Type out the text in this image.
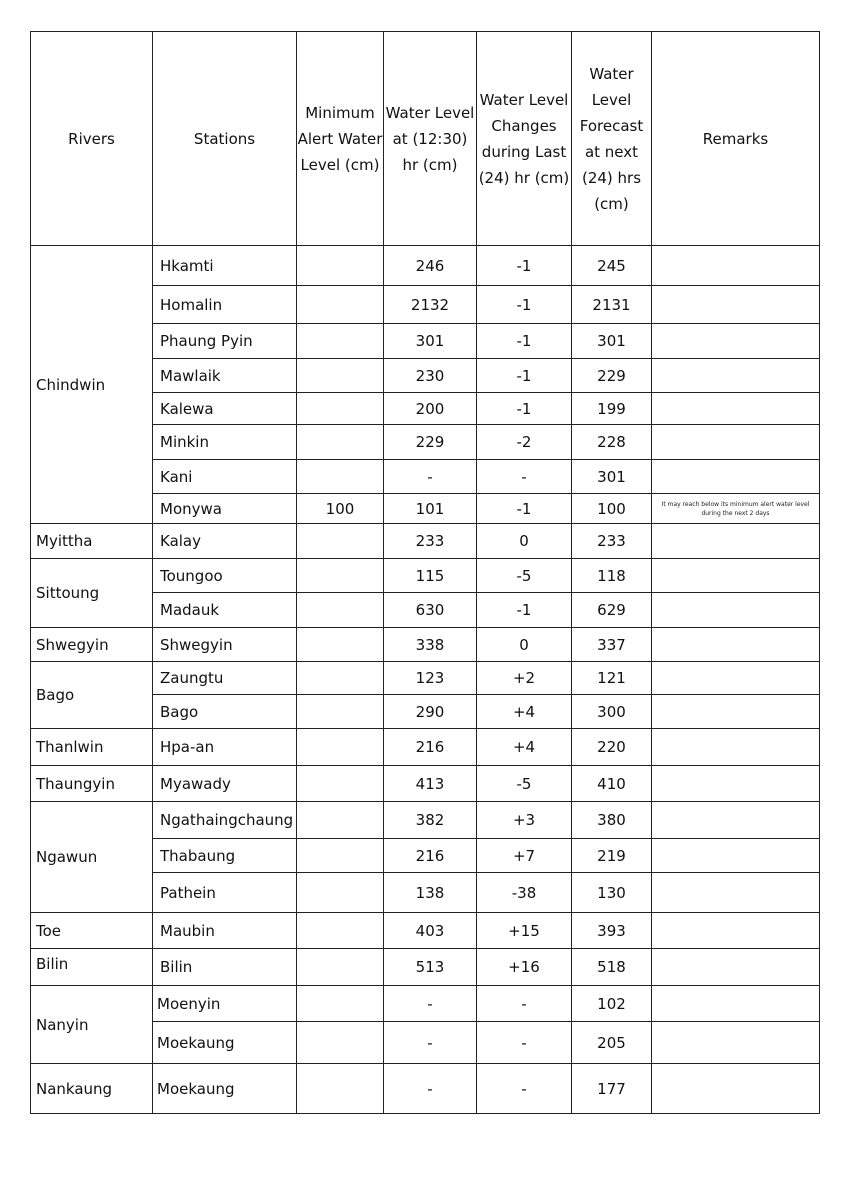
Rivers	Stations	Minimum Alert Water Level (cm)	Water Level at (12:30) hr (cm)	Water Level Changes during Last (24) hr (cm)	Water Level Forecast at next (24) hrs (cm)	Remarks
Chindwin	Hkamti		246	-1	245	
	Homalin		2132	-1	2131	
	Phaung Pyin		301	-1	301	
	Mawlaik		230	-1	229	
	Kalewa		200	-1	199	
	Minkin		229	-2	228	
	Kani		-	-	301	
	Monywa	100	101	-1	100	It may reach below its minimum alert water level during the next 2 days
Myittha	Kalay		233	0	233	
Sittoung	Toungoo		115	-5	118	
	Madauk		630	-1	629	
Shwegyin	Shwegyin		338	0	337	
Bago	Zaungtu		123	+2	121	
	Bago		290	+4	300	
Thanlwin	Hpa-an		216	+4	220	
Thaungyin	Myawady		413	-5	410	
Ngawun	Ngathaingchaung		382	+3	380	
	Thabaung		216	+7	219	
	Pathein		138	-38	130	
Toe	Maubin		403	+15	393	
Bilin	Bilin		513	+16	518	
Nanyin	Moenyin		-	-	102	
	Moekaung		-	-	205	
Nankaung	Moekaung		-	-	177	
